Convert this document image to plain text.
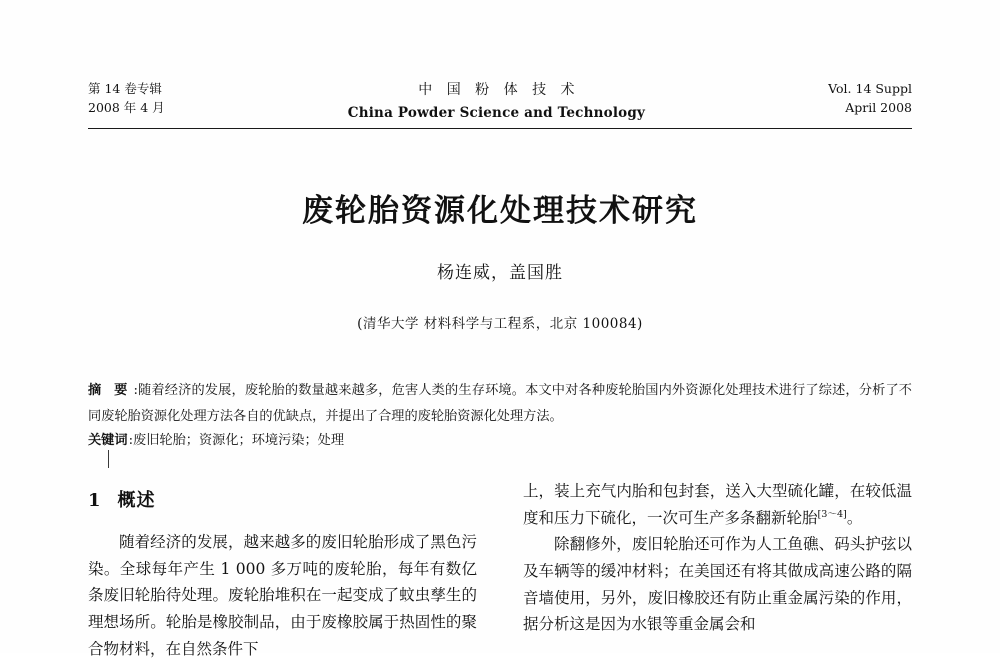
第 14 卷专辑
2008 年 4 月
中 国 粉 体 技 术
China Powder Science and Technology
Vol. 14 Suppl
April 2008
废轮胎资源化处理技术研究
杨连威，盖国胜
(清华大学 材料科学与工程系，北京 100084)
摘 要 :随着经济的发展，废轮胎的数量越来越多，危害人类的生存环境。本文中对各种废轮胎国内外资源化处理技术进行了综述，分析了不同废轮胎资源化处理方法各自的优缺点，并提出了合理的废轮胎资源化处理方法。
关键词:废旧轮胎；资源化；环境污染；处理
1 概述

随着经济的发展，越来越多的废旧轮胎形成了黑色污染。全球每年产生 1 000 多万吨的废轮胎，每年有数亿条废旧轮胎待处理。废轮胎堆积在一起变成了蚊虫孳生的理想场所。轮胎是橡胶制品，由于废橡胶属于热固性的聚合物材料，在自然条件下

上，装上充气内胎和包封套，送入大型硫化罐，在较低温度和压力下硫化，一次可生产多条翻新轮胎[3～4]。

除翻修外，废旧轮胎还可作为人工鱼礁、码头护弦以及车辆等的缓冲材料；在美国还有将其做成高速公路的隔音墙使用，另外，废旧橡胶还有防止重金属污染的作用，据分析这是因为水银等重金属会和
